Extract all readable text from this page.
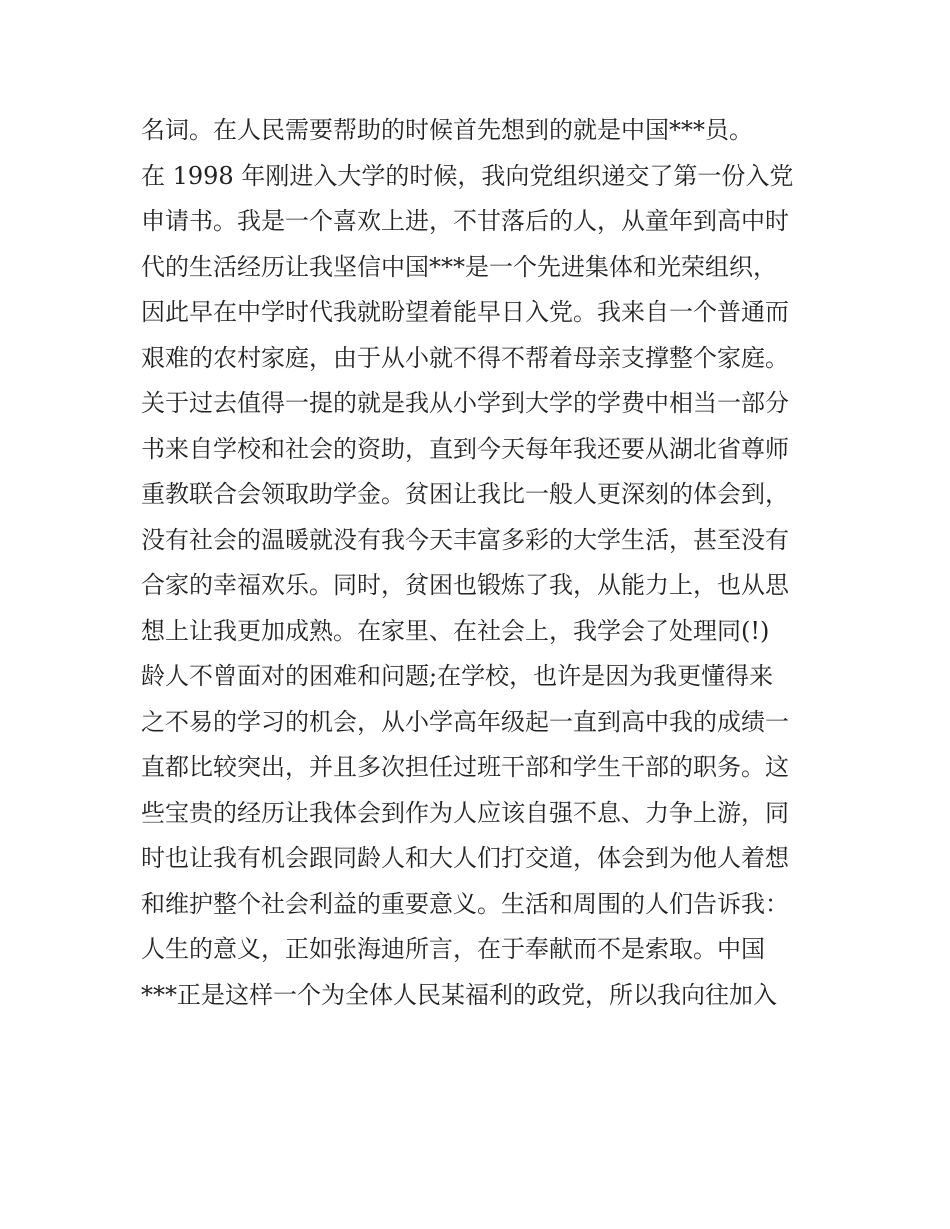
名词。在人民需要帮助的时候首先想到的就是中国***员。
在 1998 年刚进入大学的时候，我向党组织递交了第一份入党
申请书。我是一个喜欢上进，不甘落后的人，从童年到高中时
代的生活经历让我坚信中国***是一个先进集体和光荣组织，
因此早在中学时代我就盼望着能早日入党。我来自一个普通而
艰难的农村家庭，由于从小就不得不帮着母亲支撑整个家庭。
关于过去值得一提的就是我从小学到大学的学费中相当一部分
书来自学校和社会的资助，直到今天每年我还要从湖北省尊师
重教联合会领取助学金。贫困让我比一般人更深刻的体会到，
没有社会的温暖就没有我今天丰富多彩的大学生活，甚至没有
合家的幸福欢乐。同时，贫困也锻炼了我，从能力上，也从思
想上让我更加成熟。在家里、在社会上，我学会了处理同(!)
龄人不曾面对的困难和问题;在学校，也许是因为我更懂得来
之不易的学习的机会，从小学高年级起一直到高中我的成绩一
直都比较突出，并且多次担任过班干部和学生干部的职务。这
些宝贵的经历让我体会到作为人应该自强不息、力争上游，同
时也让我有机会跟同龄人和大人们打交道，体会到为他人着想
和维护整个社会利益的重要意义。生活和周围的人们告诉我：
人生的意义，正如张海迪所言，在于奉献而不是索取。中国
***正是这样一个为全体人民某福利的政党，所以我向往加入
